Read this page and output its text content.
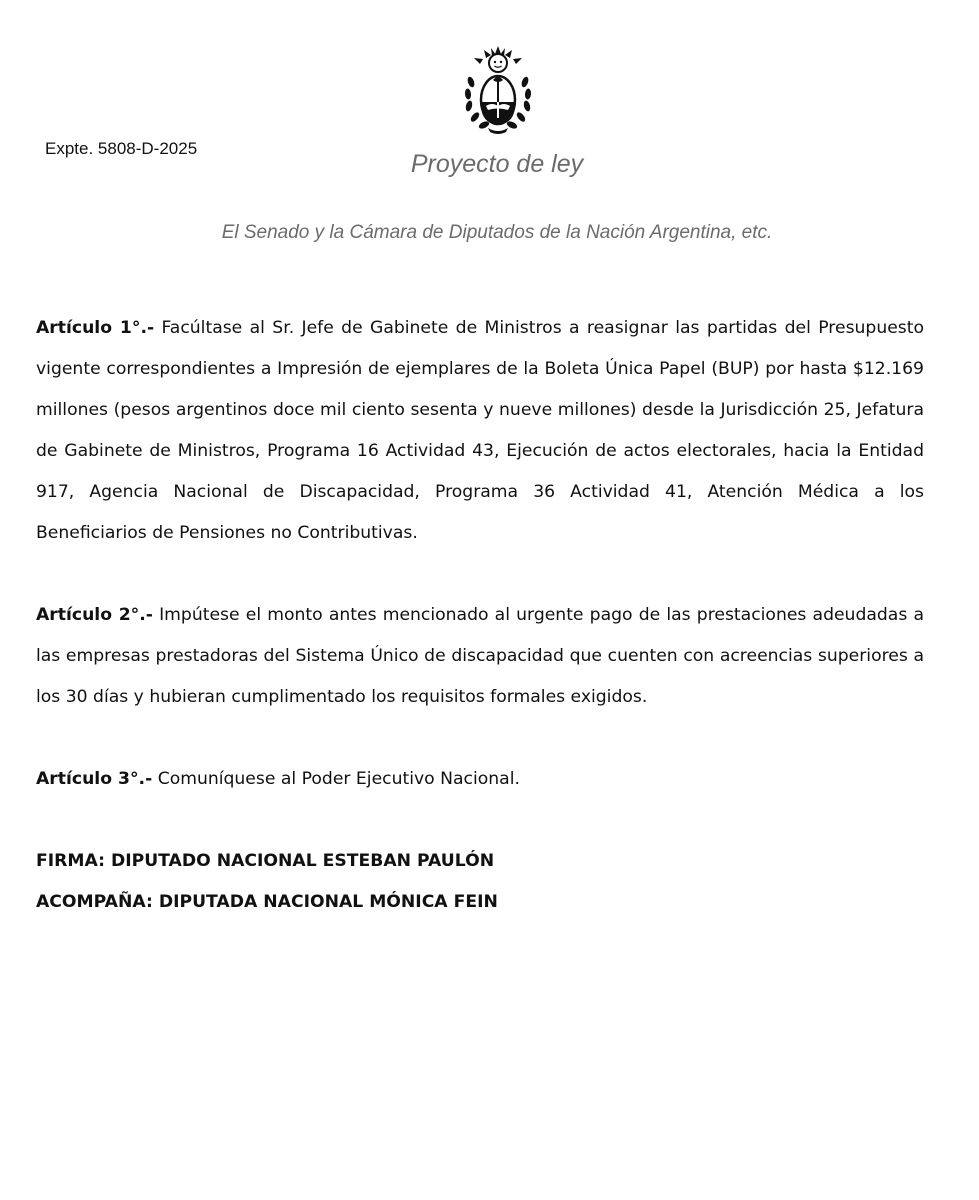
Expte. 5808-D-2025
Proyecto de ley
El Senado y la Cámara de Diputados de la Nación Argentina, etc.

Artículo 1°.- Facúltase al Sr. Jefe de Gabinete de Ministros a reasignar las partidas del Presupuesto vigente correspondientes a Impresión de ejemplares de la Boleta Única Papel (BUP) por hasta $12.169 millones (pesos argentinos doce mil ciento sesenta y nueve millones) desde la Jurisdicción 25, Jefatura de Gabinete de Ministros, Programa 16 Actividad 43, Ejecución de actos electorales, hacia la Entidad 917, Agencia Nacional de Discapacidad, Programa 36 Actividad 41, Atención Médica a los Beneficiarios de Pensiones no Contributivas.

Artículo 2°.- Impútese el monto antes mencionado al urgente pago de las prestaciones adeudadas a las empresas prestadoras del Sistema Único de discapacidad que cuenten con acreencias superiores a los 30 días y hubieran cumplimentado los requisitos formales exigidos.

Artículo 3°.- Comuníquese al Poder Ejecutivo Nacional.

FIRMA: DIPUTADO NACIONAL ESTEBAN PAULÓN
ACOMPAÑA: DIPUTADA NACIONAL MÓNICA FEIN
